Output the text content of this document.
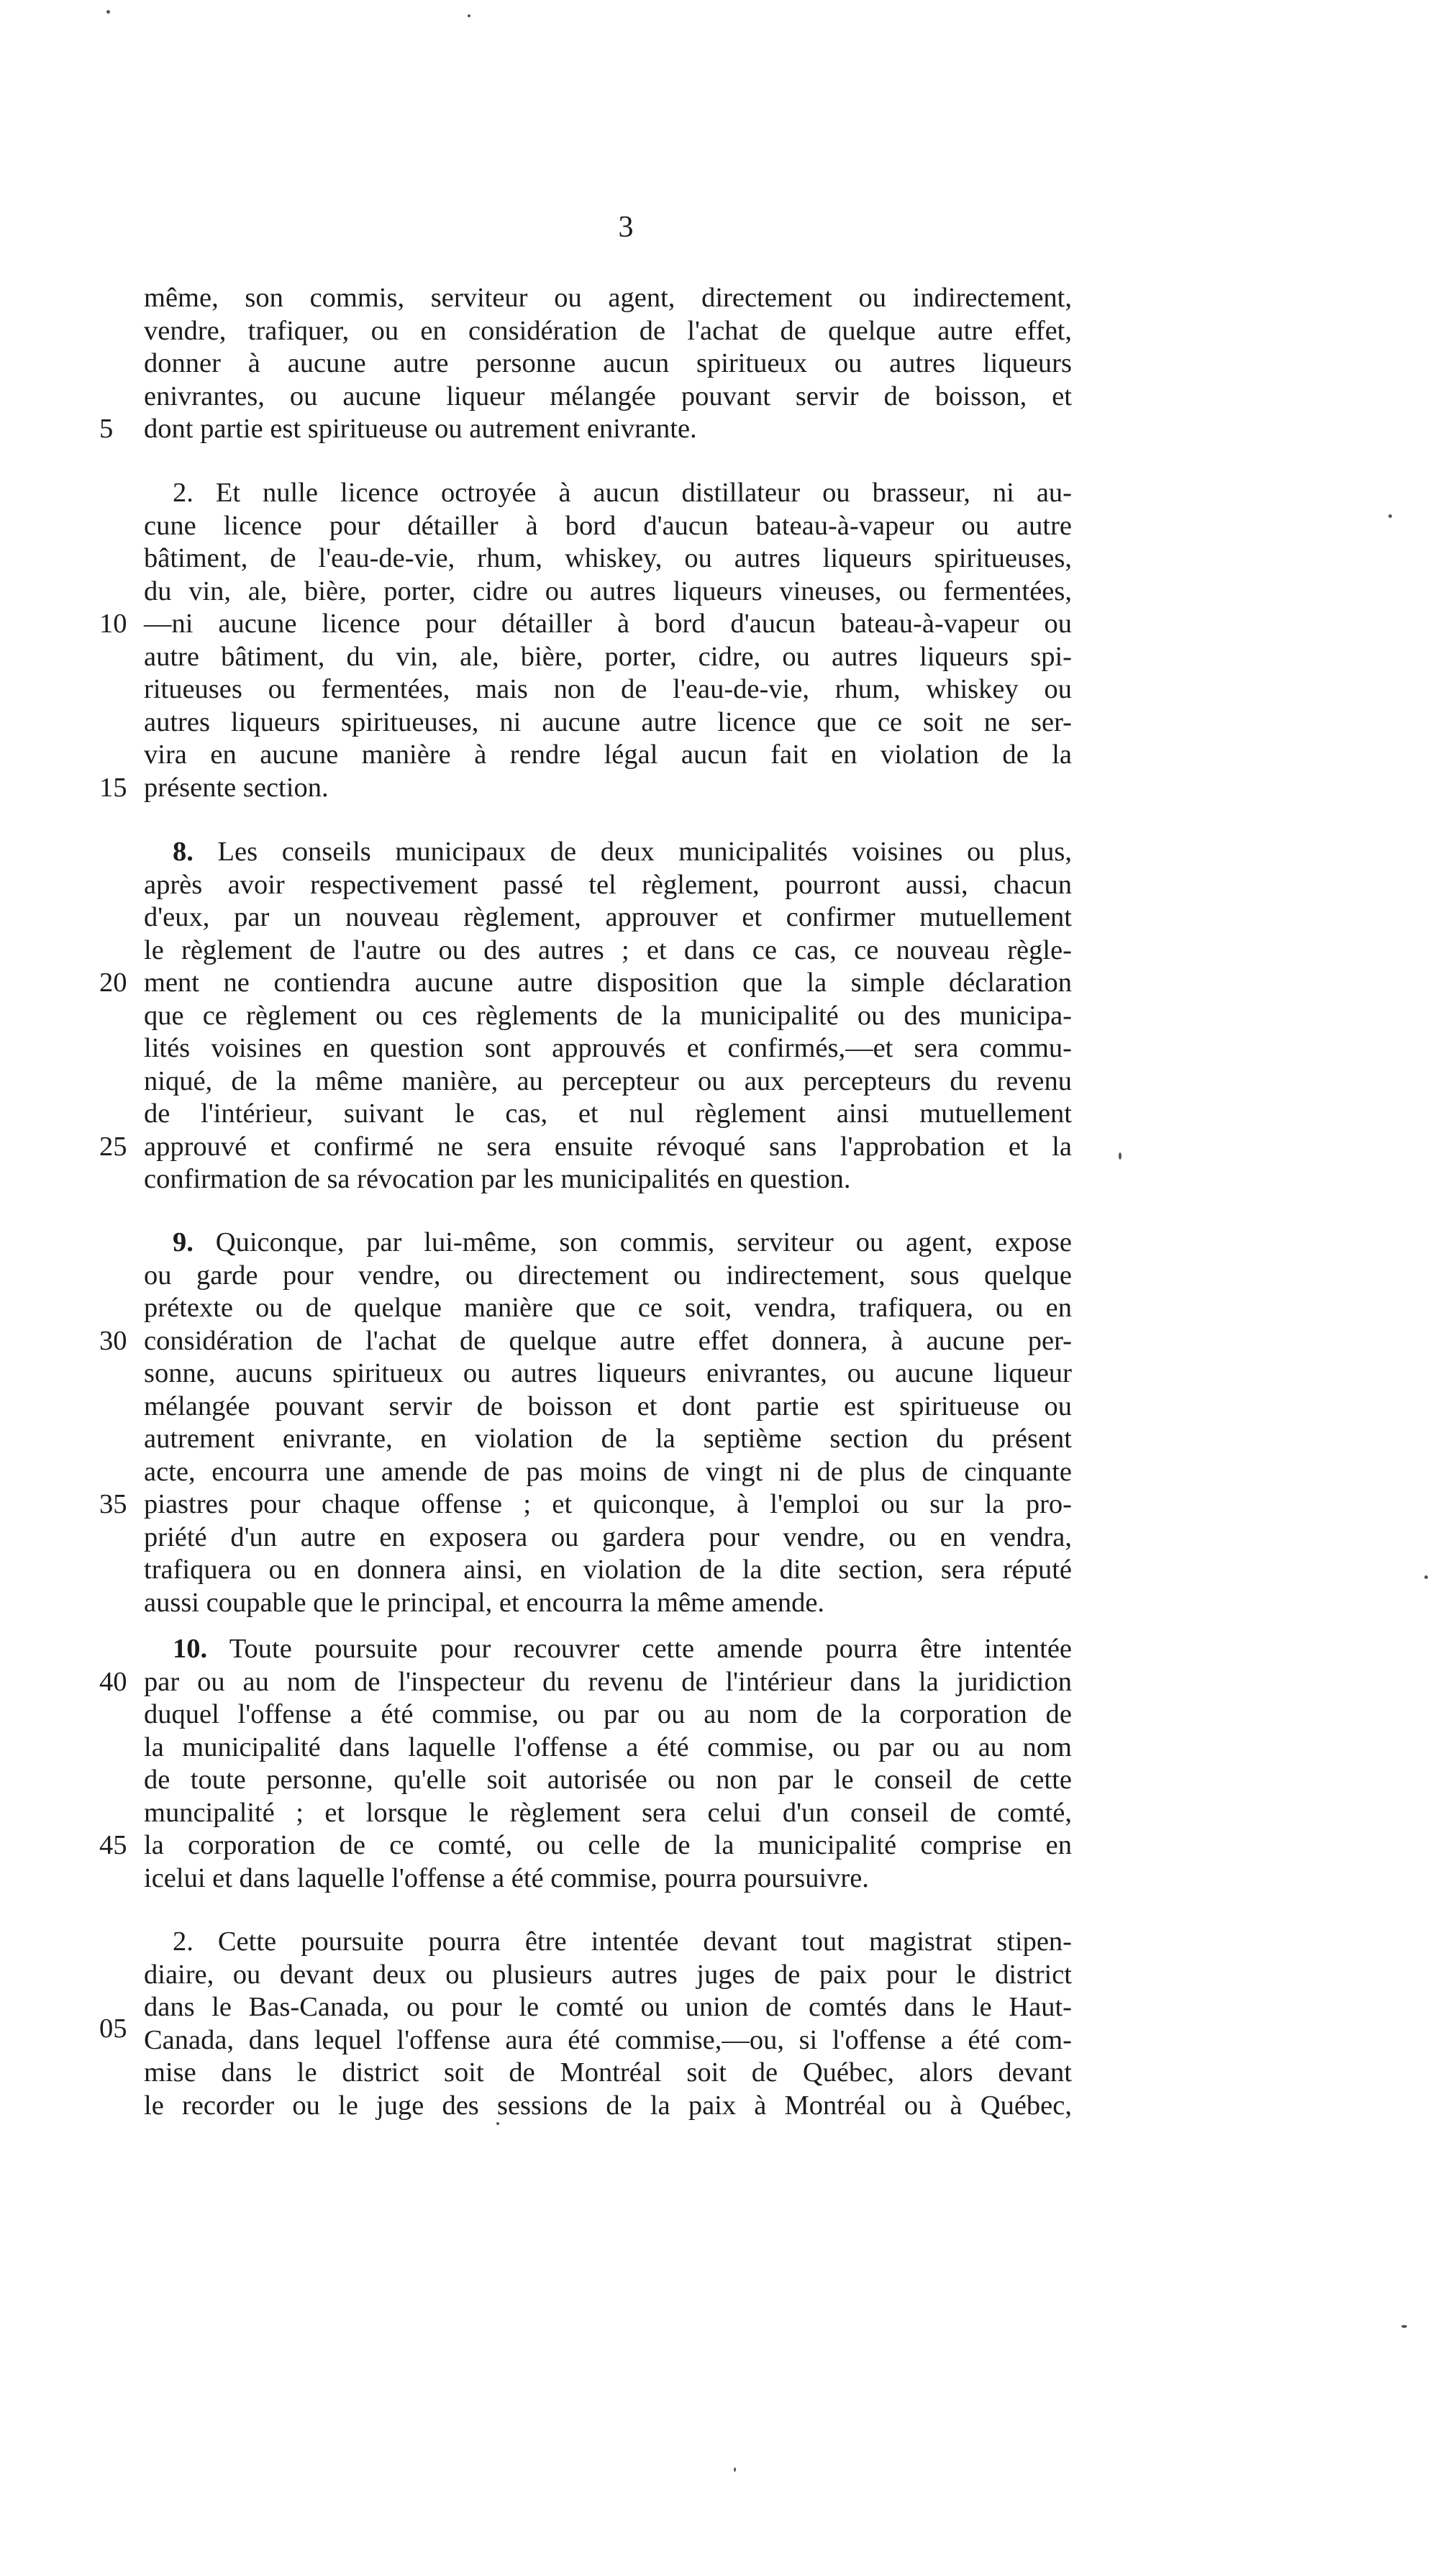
3
même, son commis, serviteur ou agent, directement ou indirectement,
vendre, trafiquer, ou en considération de l'achat de quelque autre effet,
donner à aucune autre personne aucun spiritueux ou autres liqueurs
enivrantes, ou aucune liqueur mélangée pouvant servir de boisson, et
5	dont partie est spiritueuse ou autrement enivrante.
2. Et nulle licence octroyée à aucun distillateur ou brasseur, ni au-
cune licence pour détailler à bord d'aucun bateau-à-vapeur ou autre
bâtiment, de l'eau-de-vie, rhum, whiskey, ou autres liqueurs spiritueuses,
du vin, ale, bière, porter, cidre ou autres liqueurs vineuses, ou fermentées,
10 —ni aucune licence pour détailler à bord d'aucun bateau-à-vapeur ou
autre bâtiment, du vin, ale, bière, porter, cidre, ou autres liqueurs spi-
ritueuses ou fermentées, mais non de l'eau-de-vie, rhum, whiskey ou
autres liqueurs spiritueuses, ni aucune autre licence que ce soit ne ser-
vira en aucune manière à rendre légal aucun fait en violation de la
15 présente section.
8. Les conseils municipaux de deux municipalités voisines ou plus,
après avoir respectivement passé tel règlement, pourront aussi, chacun
d'eux, par un nouveau règlement, approuver et confirmer mutuellement
le règlement de l'autre ou des autres ; et dans ce cas, ce nouveau règle-
20 ment ne contiendra aucune autre disposition que la simple déclaration
que ce règlement ou ces règlements de la municipalité ou des municipa-
lités voisines en question sont approuvés et confirmés,—et sera commu-
niqué, de la même manière, au percepteur ou aux percepteurs du revenu
de l'intérieur, suivant le cas, et nul règlement ainsi mutuellement
25 approuvé et confirmé ne sera ensuite révoqué sans l'approbation et la
confirmation de sa révocation par les municipalités en question.
9. Quiconque, par lui-même, son commis, serviteur ou agent, expose
ou garde pour vendre, ou directement ou indirectement, sous quelque
prétexte ou de quelque manière que ce soit, vendra, trafiquera, ou en
30 considération de l'achat de quelque autre effet donnera, à aucune per-
sonne, aucuns spiritueux ou autres liqueurs enivrantes, ou aucune liqueur
mélangée pouvant servir de boisson et dont partie est spiritueuse ou
autrement enivrante, en violation de la septième section du présent
acte, encourra une amende de pas moins de vingt ni de plus de cinquante
35 piastres pour chaque offense ; et quiconque, à l'emploi ou sur la pro-
priété d'un autre en exposera ou gardera pour vendre, ou en vendra,
trafiquera ou en donnera ainsi, en violation de la dite section, sera réputé
aussi coupable que le principal, et encourra la même amende.
10. Toute poursuite pour recouvrer cette amende pourra être intentée
40 par ou au nom de l'inspecteur du revenu de l'intérieur dans la juridiction
duquel l'offense a été commise, ou par ou au nom de la corporation de
la municipalité dans laquelle l'offense a été commise, ou par ou au nom
de toute personne, qu'elle soit autorisée ou non par le conseil de cette
muncipalité ; et lorsque le règlement sera celui d'un conseil de comté,
45 la corporation de ce comté, ou celle de la municipalité comprise en
icelui et dans laquelle l'offense a été commise, pourra poursuivre.
2. Cette poursuite pourra être intentée devant tout magistrat stipen-
diaire, ou devant deux ou plusieurs autres juges de paix pour le district
dans le Bas-Canada, ou pour le comté ou union de comtés dans le Haut-
05 Canada, dans lequel l'offense aura été commise,—ou, si l'offense a été com-
mise dans le district soit de Montréal soit de Québec, alors devant
le recorder ou le juge des sessions de la paix à Montréal ou à Québec,
